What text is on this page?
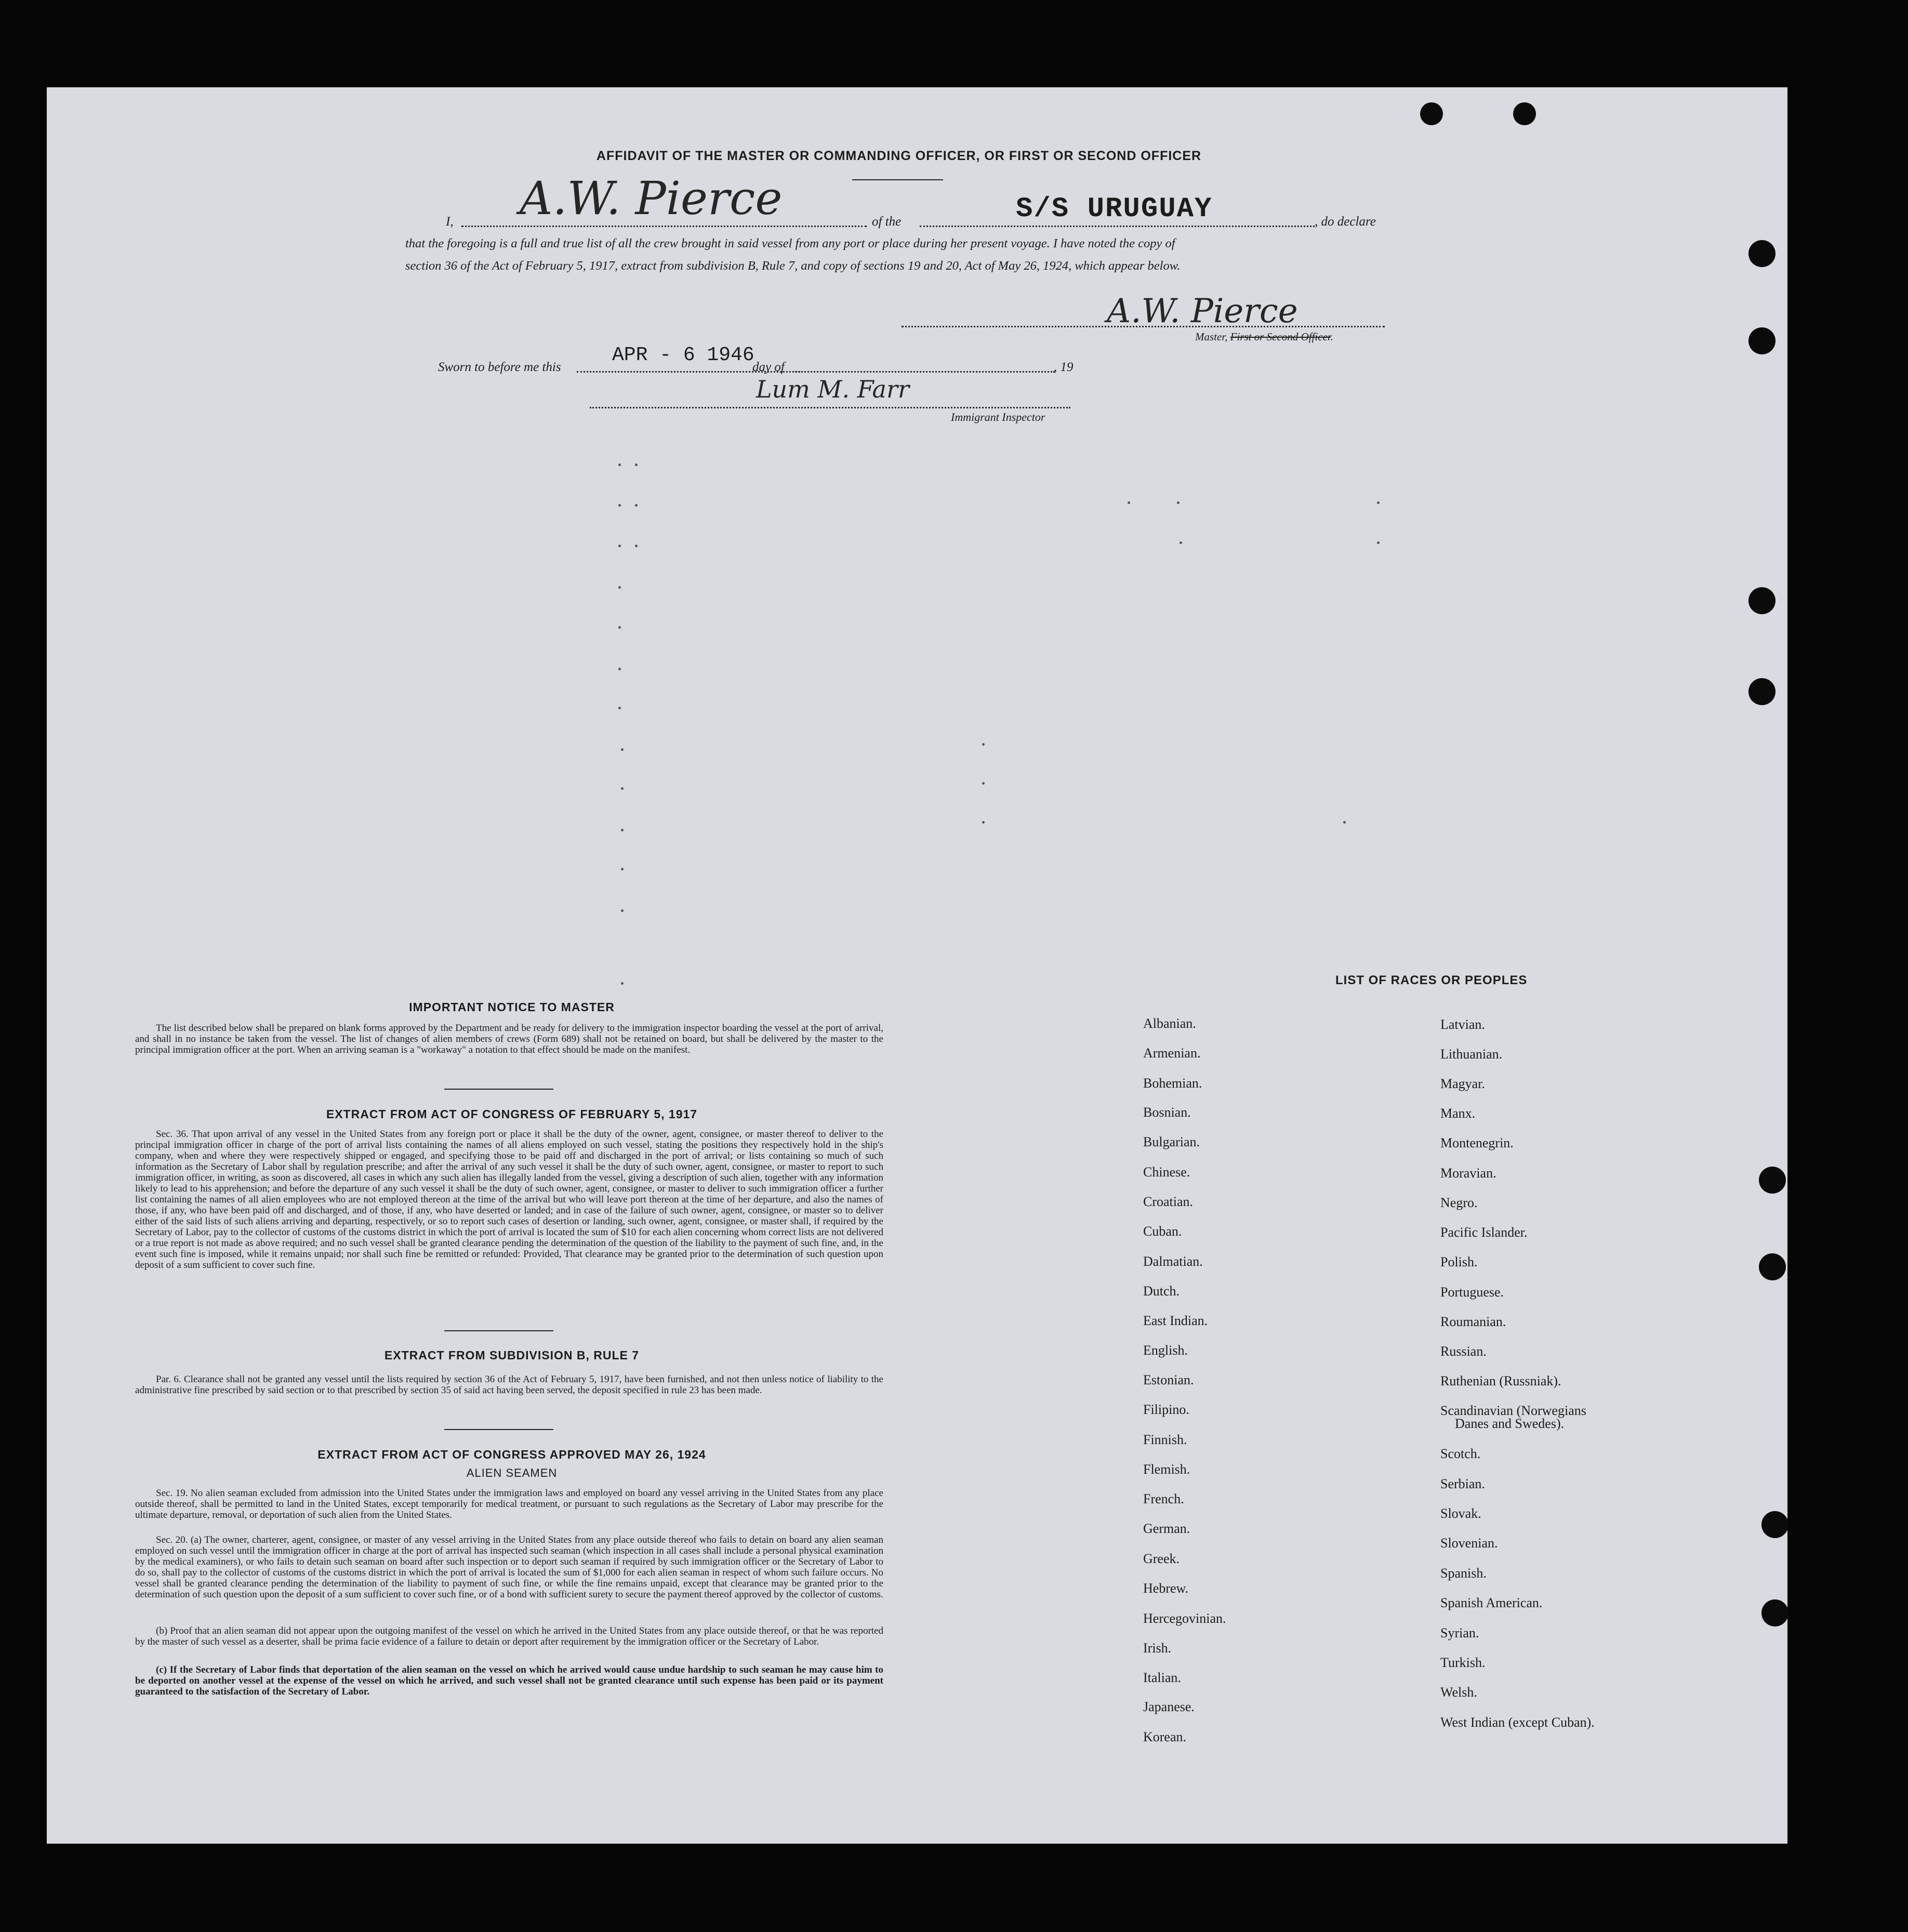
AFFIDAVIT OF THE MASTER OR COMMANDING OFFICER, OR FIRST OR SECOND OFFICER
I, A.W. Pierce	of the	S/S URUGUAY	, do declare
that the foregoing is a full and true list of all the crew brought in said vessel from any port or place during her present voyage. I have noted the copy of
section 36 of the Act of February 5, 1917, extract from subdivision B, Rule 7, and copy of sections 19 and 20, Act of May 26, 1924, which appear below.
A.W. Pierce
Master, First or Second Officer.
Sworn to before me this
APR - 6 1946
day of	, 19
Lum M. Farr
Immigrant Inspector
IMPORTANT NOTICE TO MASTER
The list described below shall be prepared on blank forms approved by the Department and be ready for delivery to the immigration inspector boarding the vessel at the port of arrival, and shall in no instance be taken from the vessel. The list of changes of alien members of crews (Form 689) shall not be retained on board, but shall be delivered by the master to the principal immigration officer at the port. When an arriving seaman is a "workaway" a notation to that effect should be made on the manifest.
EXTRACT FROM ACT OF CONGRESS OF FEBRUARY 5, 1917
Sec. 36. That upon arrival of any vessel in the United States from any foreign port or place it shall be the duty of the owner, agent, consignee, or master thereof to deliver to the principal immigration officer in charge of the port of arrival lists containing the names of all aliens employed on such vessel, stating the positions they respectively hold in the ship's company, when and where they were respectively shipped or engaged, and specifying those to be paid off and discharged in the port of arrival; or lists containing so much of such information as the Secretary of Labor shall by regulation prescribe; and after the arrival of any such vessel it shall be the duty of such owner, agent, consignee, or master to report to such immigration officer, in writing, as soon as discovered, all cases in which any such alien has illegally landed from the vessel, giving a description of such alien, together with any information likely to lead to his apprehension; and before the departure of any such vessel it shall be the duty of such owner, agent, consignee, or master to deliver to such immigration officer a further list containing the names of all alien employees who are not employed thereon at the time of the arrival but who will leave port thereon at the time of her departure, and also the names of those, if any, who have been paid off and discharged, and of those, if any, who have deserted or landed; and in case of the failure of such owner, agent, consignee, or master so to deliver either of the said lists of such aliens arriving and departing, respectively, or so to report such cases of desertion or landing, such owner, agent, consignee, or master shall, if required by the Secretary of Labor, pay to the collector of customs of the customs district in which the port of arrival is located the sum of $10 for each alien concerning whom correct lists are not delivered or a true report is not made as above required; and no such vessel shall be granted clearance pending the determination of the question of the liability to the payment of such fine, and, in the event such fine is imposed, while it remains unpaid; nor shall such fine be remitted or refunded: Provided, That clearance may be granted prior to the determination of such question upon deposit of a sum sufficient to cover such fine.
EXTRACT FROM SUBDIVISION B, RULE 7
Par. 6. Clearance shall not be granted any vessel until the lists required by section 36 of the Act of February 5, 1917, have been furnished, and not then unless notice of liability to the administrative fine prescribed by said section or to that prescribed by section 35 of said act having been served, the deposit specified in rule 23 has been made.
EXTRACT FROM ACT OF CONGRESS APPROVED MAY 26, 1924
ALIEN SEAMEN
Sec. 19. No alien seaman excluded from admission into the United States under the immigration laws and employed on board any vessel arriving in the United States from any place outside thereof, shall be permitted to land in the United States, except temporarily for medical treatment, or pursuant to such regulations as the Secretary of Labor may prescribe for the ultimate departure, removal, or deportation of such alien from the United States.
Sec. 20. (a) The owner, charterer, agent, consignee, or master of any vessel arriving in the United States from any place outside thereof who fails to detain on board any alien seaman employed on such vessel until the immigration officer in charge at the port of arrival has inspected such seaman (which inspection in all cases shall include a personal physical examination by the medical examiners), or who fails to detain such seaman on board after such inspection or to deport such seaman if required by such immigration officer or the Secretary of Labor to do so, shall pay to the collector of customs of the customs district in which the port of arrival is located the sum of $1,000 for each alien seaman in respect of whom such failure occurs. No vessel shall be granted clearance pending the determination of the liability to payment of such fine, or while the fine remains unpaid, except that clearance may be granted prior to the determination of such question upon the deposit of a sum sufficient to cover such fine, or of a bond with sufficient surety to secure the payment thereof approved by the collector of customs.
(b) Proof that an alien seaman did not appear upon the outgoing manifest of the vessel on which he arrived in the United States from any place outside thereof, or that he was reported by the master of such vessel as a deserter, shall be prima facie evidence of a failure to detain or deport after requirement by the immigration officer or the Secretary of Labor.
(c) If the Secretary of Labor finds that deportation of the alien seaman on the vessel on which he arrived would cause undue hardship to such seaman he may cause him to be deported on another vessel at the expense of the vessel on which he arrived, and such vessel shall not be granted clearance until such expense has been paid or its payment guaranteed to the satisfaction of the Secretary of Labor.
LIST OF RACES OR PEOPLES
Albanian.
Armenian.
Bohemian.
Bosnian.
Bulgarian.
Chinese.
Croatian.
Cuban.
Dalmatian.
Dutch.
East Indian.
English.
Estonian.
Filipino.
Finnish.
Flemish.
French.
German.
Greek.
Hebrew.
Hercegovinian.
Irish.
Italian.
Japanese.
Korean.
Latvian.
Lithuanian.
Magyar.
Manx.
Montenegrin.
Moravian.
Negro.
Pacific Islander.
Polish.
Portuguese.
Roumanian.
Russian.
Ruthenian (Russniak).
Scandinavian (Norwegians
Danes and Swedes).
Scotch.
Serbian.
Slovak.
Slovenian.
Spanish.
Spanish American.
Syrian.
Turkish.
Welsh.
West Indian (except Cuban).
